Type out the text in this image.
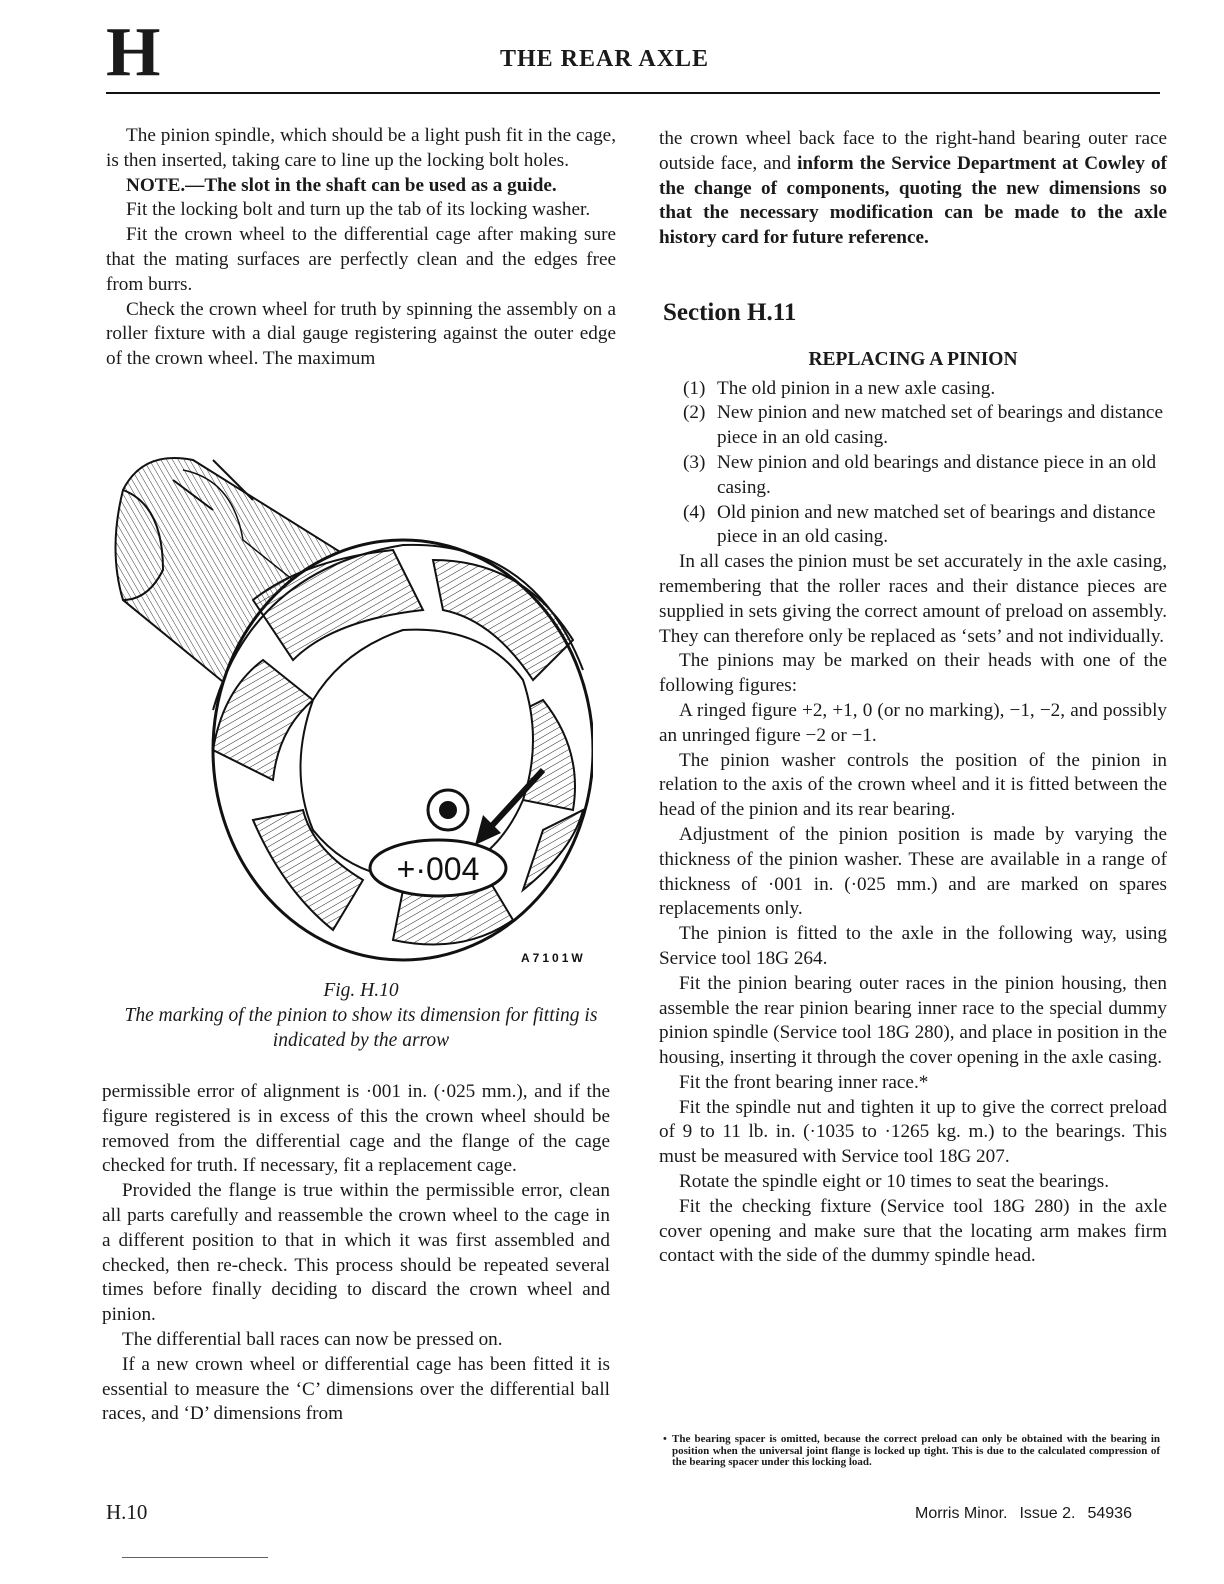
H	THE REAR AXLE

The pinion spindle, which should be a light push fit in the cage, is then inserted, taking care to line up the locking bolt holes.

NOTE.—The slot in the shaft can be used as a guide.

Fit the locking bolt and turn up the tab of its locking washer.

Fit the crown wheel to the differential cage after making sure that the mating surfaces are perfectly clean and the edges free from burrs.

Check the crown wheel for truth by spinning the assembly on a roller fixture with a dial gauge registering against the outer edge of the crown wheel. The maximum

+·004
A7101W
Fig. H.10
The marking of the pinion to show its dimension for fitting is indicated by the arrow

permissible error of alignment is ·001 in. (·025 mm.), and if the figure registered is in excess of this the crown wheel should be removed from the differential cage and the flange of the cage checked for truth. If necessary, fit a replacement cage.

Provided the flange is true within the permissible error, clean all parts carefully and reassemble the crown wheel to the cage in a different position to that in which it was first assembled and checked, then re-check. This process should be repeated several times before finally deciding to discard the crown wheel and pinion.

The differential ball races can now be pressed on.

If a new crown wheel or differential cage has been fitted it is essential to measure the ‘C’ dimensions over the differential ball races, and ‘D’ dimensions from

the crown wheel back face to the right-hand bearing outer race outside face, and inform the Service Department at Cowley of the change of components, quoting the new dimensions so that the necessary modification can be made to the axle history card for future reference.

Section H.11
REPLACING A PINION
(1) The old pinion in a new axle casing.
(2) New pinion and new matched set of bearings and distance piece in an old casing.
(3) New pinion and old bearings and distance piece in an old casing.
(4) Old pinion and new matched set of bearings and distance piece in an old casing.

In all cases the pinion must be set accurately in the axle casing, remembering that the roller races and their distance pieces are supplied in sets giving the correct amount of preload on assembly. They can therefore only be replaced as ‘sets’ and not individually.

The pinions may be marked on their heads with one of the following figures:

A ringed figure +2, +1, 0 (or no marking), −1, −2, and possibly an unringed figure −2 or −1.

The pinion washer controls the position of the pinion in relation to the axis of the crown wheel and it is fitted between the head of the pinion and its rear bearing.

Adjustment of the pinion position is made by varying the thickness of the pinion washer. These are available in a range of thickness of ·001 in. (·025 mm.) and are marked on spares replacements only.

The pinion is fitted to the axle in the following way, using Service tool 18G 264.

Fit the pinion bearing outer races in the pinion housing, then assemble the rear pinion bearing inner race to the special dummy pinion spindle (Service tool 18G 280), and place in position in the housing, inserting it through the cover opening in the axle casing.

Fit the front bearing inner race.*

Fit the spindle nut and tighten it up to give the correct preload of 9 to 11 lb. in. (·1035 to ·1265 kg. m.) to the bearings. This must be measured with Service tool 18G 207.

Rotate the spindle eight or 10 times to seat the bearings.

Fit the checking fixture (Service tool 18G 280) in the axle cover opening and make sure that the locating arm makes firm contact with the side of the dummy spindle head.

• The bearing spacer is omitted, because the correct preload can only be obtained with the bearing in position when the universal joint flange is locked up tight. This is due to the calculated compression of the bearing spacer under this locking load.
H.10	Morris Minor. Issue 2. 54936
